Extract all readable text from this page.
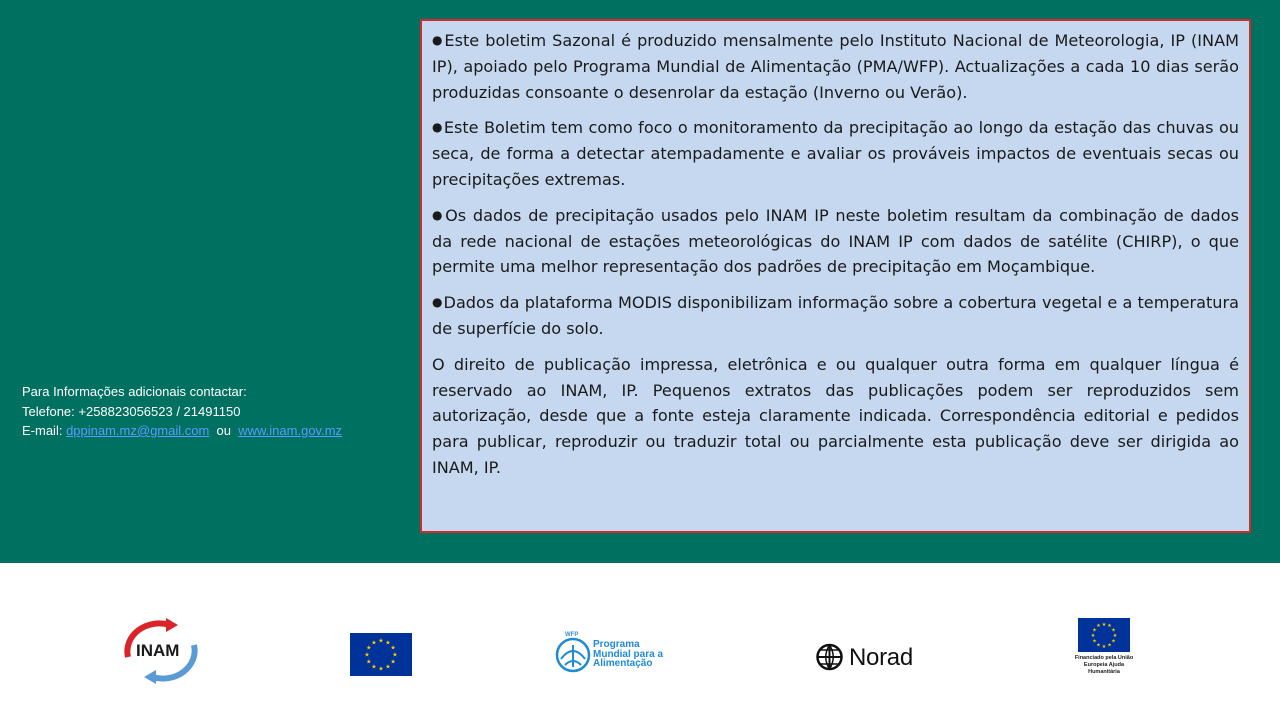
●Este boletim Sazonal é produzido mensalmente pelo Instituto Nacional de Meteorologia, IP (INAM IP), apoiado pelo Programa Mundial de Alimentação (PMA/WFP). Actualizações a cada 10 dias serão produzidas consoante o desenrolar da estação (Inverno ou Verão).

●Este Boletim tem como foco o monitoramento da precipitação ao longo da estação das chuvas ou seca, de forma a detectar atempadamente e avaliar os prováveis impactos de eventuais secas ou precipitações extremas.

●Os dados de precipitação usados pelo INAM IP neste boletim resultam da combinação de dados da rede nacional de estações meteorológicas do INAM IP com dados de satélite (CHIRP), o que permite uma melhor representação dos padrões de precipitação em Moçambique.

●Dados da plataforma MODIS disponibilizam informação sobre a cobertura vegetal e a temperatura de superfície do solo.

O direito de publicação impressa, eletrônica e ou qualquer outra forma em qualquer língua é reservado ao INAM, IP. Pequenos extratos das publicações podem ser reproduzidos sem autorização, desde que a fonte esteja claramente indicada. Correspondência editorial e pedidos para publicar, reproduzir ou traduzir total ou parcialmente esta publicação deve ser dirigida ao INAM, IP.

Para Informações adicionais contactar:
Telefone: +258823056523 / 21491150
E-mail: dppinam.mz@gmail.com  ou  www.inam.gov.mz
INAM	★
★
★
★
★
★
★
★
★ ★ ★
★
WFP
Programa Mundial para a Alimentação	Norad
★
★
★
★
★
★
★
★
★ ★ ★
★
Financiado pela União Europeia Ajuda Humanitária
